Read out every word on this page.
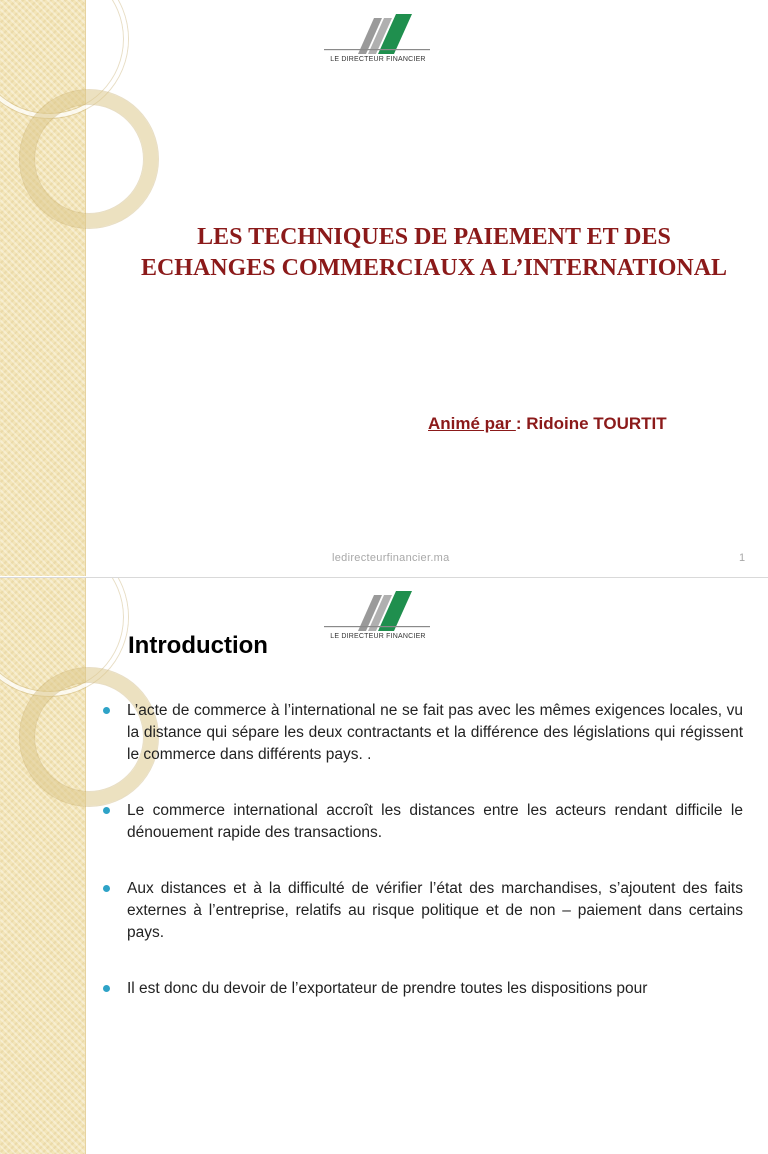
LE DIRECTEUR FINANCIER
LES TECHNIQUES DE PAIEMENT ET DES
ECHANGES COMMERCIAUX A L’INTERNATIONAL
Animé par : Ridoine TOURTIT
ledirecteurfinancier.ma	1
LE DIRECTEUR FINANCIER
Introduction
L’acte de commerce à l’international ne se fait pas avec les mêmes exigences locales, vu la distance qui sépare les deux contractants et la différence des législations qui régissent le commerce dans différents pays. .
Le commerce international accroît les distances entre les acteurs rendant difficile le dénouement rapide des transactions.
Aux distances et à la difficulté de vérifier l’état des marchandises, s’ajoutent des faits externes à l’entreprise, relatifs au risque politique et de non – paiement dans certains pays.
Il est donc du devoir de l’exportateur de prendre toutes les dispositions pour
